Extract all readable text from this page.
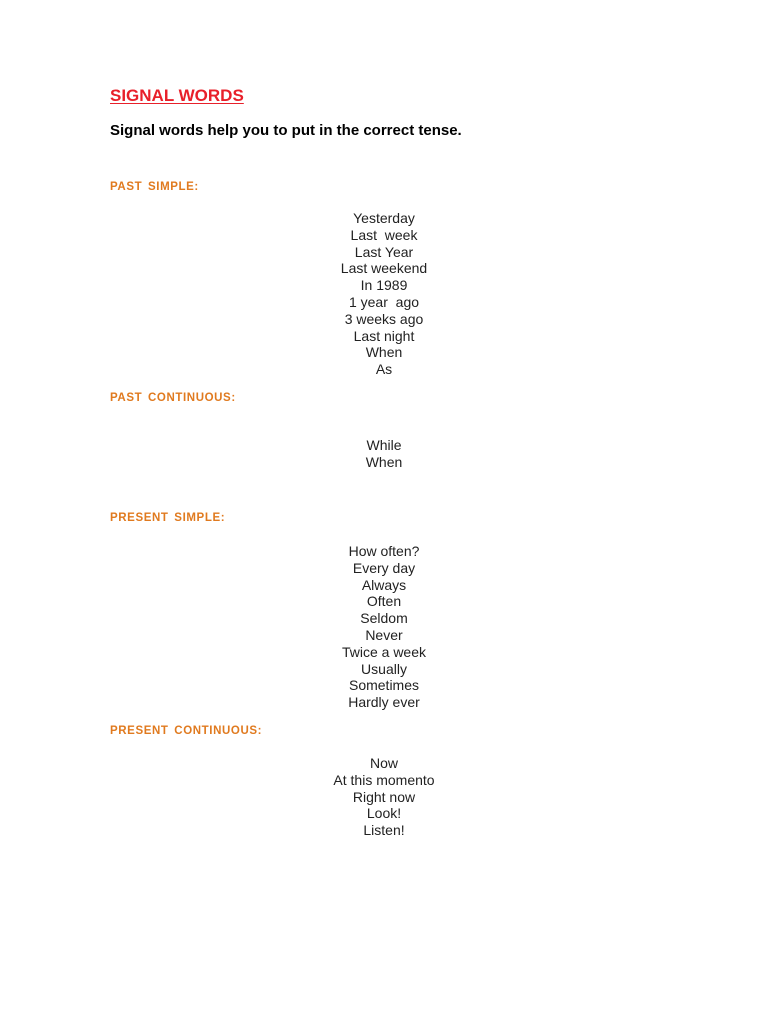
SIGNAL WORDS

Signal words help you to put in the correct tense.

PAST SIMPLE:
Yesterday
Last  week
Last Year
Last weekend
In 1989
1 year  ago
3 weeks ago
Last night
When
As
PAST CONTINUOUS:
While
When
PRESENT SIMPLE:
How often?
Every day
Always
Often
Seldom
Never
Twice a week
Usually
Sometimes
Hardly ever
PRESENT CONTINUOUS:
Now
At this momento
Right now
Look!
Listen!
